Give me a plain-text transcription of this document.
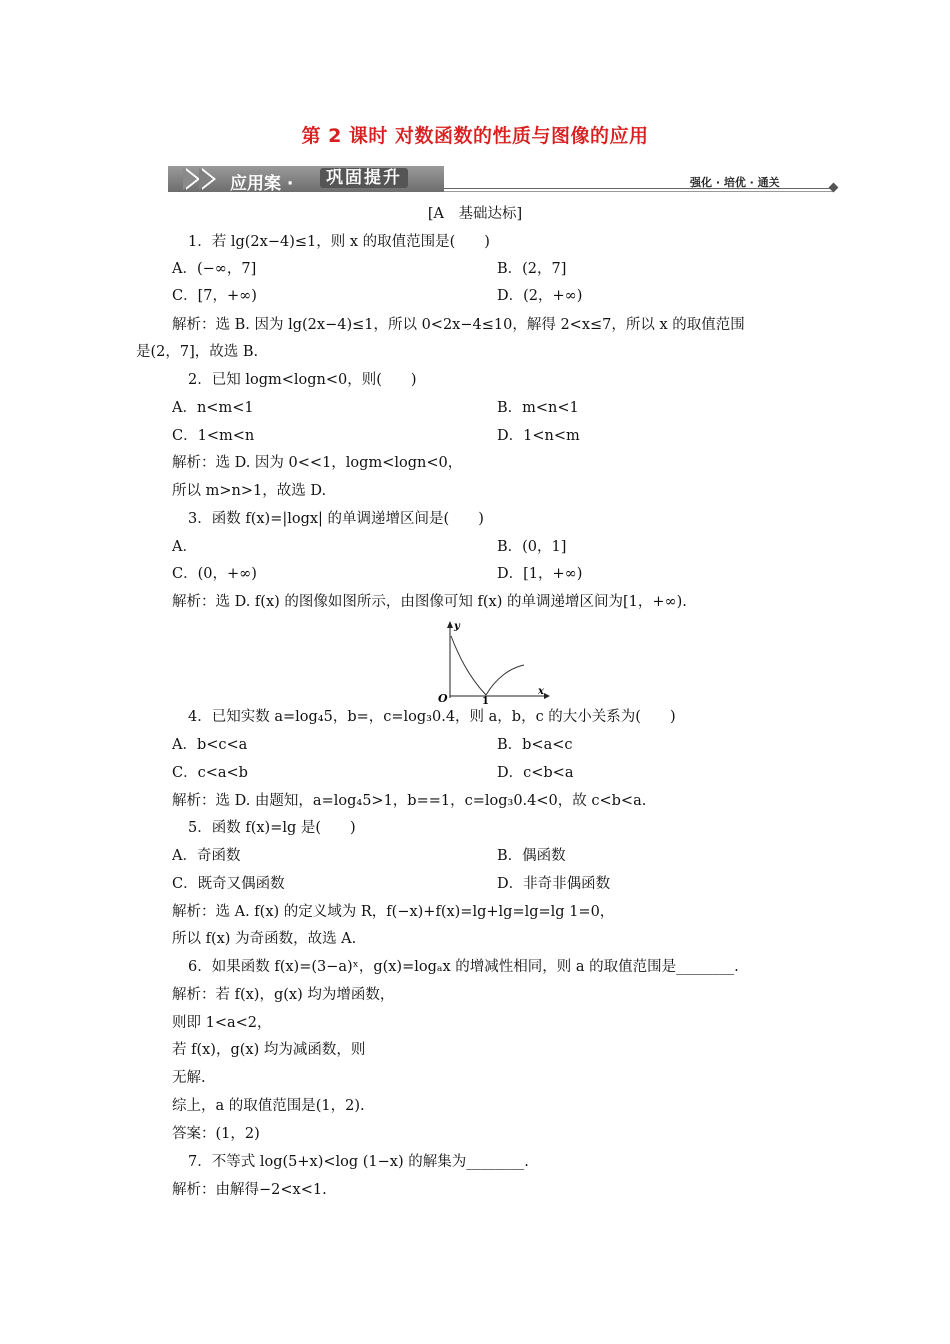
第 2 课时 对数函数的性质与图像的应用
应用案 ·	巩固提升	强化 · 培优 · 通关
[A　基础达标]
1．若 lg(2x−4)≤1，则 x 的取值范围是(　　)
A．(−∞，7]	B．(2，7]
C．[7，+∞)	D．(2，+∞)
解析：选 B. 因为 lg(2x−4)≤1，所以 0<2x−4≤10，解得 2<x≤7，所以 x 的取值范围
是(2，7]，故选 B.
2．已知 logm<logn<0，则(　　)
A．n<m<1	B．m<n<1
C．1<m<n	D．1<n<m
解析：选 D. 因为 0<<1，logm<logn<0，
所以 m>n>1，故选 D.
3．函数 f(x)=|logx| 的单调递增区间是(　　)
A．	B．(0，1]
C．(0，+∞)	D．[1，+∞)
解析：选 D. f(x) 的图像如图所示，由图像可知 f(x) 的单调递增区间为[1，+∞).
y
O	1
x
4．已知实数 a=log₄5，b=，c=log₃0.4，则 a，b，c 的大小关系为(　　)
A．b<c<a	B．b<a<c
C．c<a<b	D．c<b<a
解析：选 D. 由题知，a=log₄5>1，b==1，c=log₃0.4<0，故 c<b<a.
5．函数 f(x)=lg 是(　　)
A．奇函数	B．偶函数
C．既奇又偶函数	D．非奇非偶函数
解析：选 A. f(x) 的定义域为 R，f(−x)+f(x)=lg+lg=lg=lg 1=0，
所以 f(x) 为奇函数，故选 A.
6．如果函数 f(x)=(3−a)ˣ，g(x)=logₐx 的增减性相同，则 a 的取值范围是________.
解析：若 f(x)，g(x) 均为增函数，
则即 1<a<2，
若 f(x)，g(x) 均为减函数，则
无解.
综上，a 的取值范围是(1，2).
答案：(1，2)
7．不等式 log(5+x)<log (1−x) 的解集为________.
解析：由解得−2<x<1.
